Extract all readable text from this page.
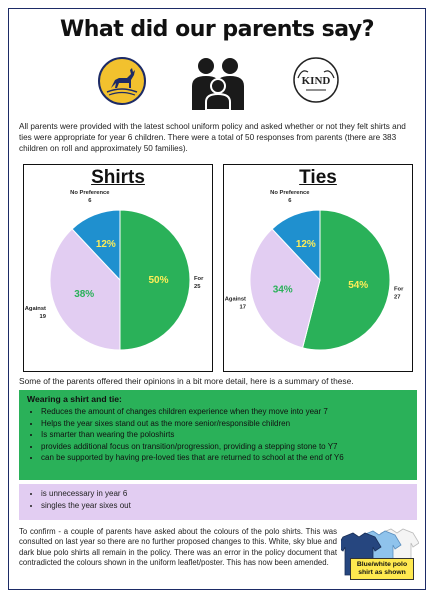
What did our parents say?
KIND
All parents were provided with the latest school uniform policy and asked whether or not they felt shirts and ties were appropriate for year 6 children. There were a total of 50 responses from parents (there are 383 children on roll and approximately 50 families).
Shirts
50%	For 25
38%
Against 19
12%
No Preference 6
Ties
54%	For 27
34%
Against 17
12%
No Preference 6
Some of the parents offered their opinions in a bit more detail, here is a summary of these.
Wearing a shirt and tie:
• Reduces the amount of changes children experience when they move into year 7
• Helps the year sixes stand out as the more senior/responsible children
• Is smarter than wearing the poloshirts
• provides additional focus on transition/progression, providing a stepping stone to Y7
• can be supported by having pre-loved ties that are returned to school at the end of Y6
• is unnecessary in year 6
• singles the year sixes out
To confirm - a couple of parents have asked about the colours of the polo shirts. This was consulted on last year so there are no further proposed changes to this. White, sky blue and dark blue polo shirts all remain in the policy. There was an error in the policy document that contradicted the colours shown in the uniform leaflet/poster. This has now been amended.	Blue/white polo shirt as shown
